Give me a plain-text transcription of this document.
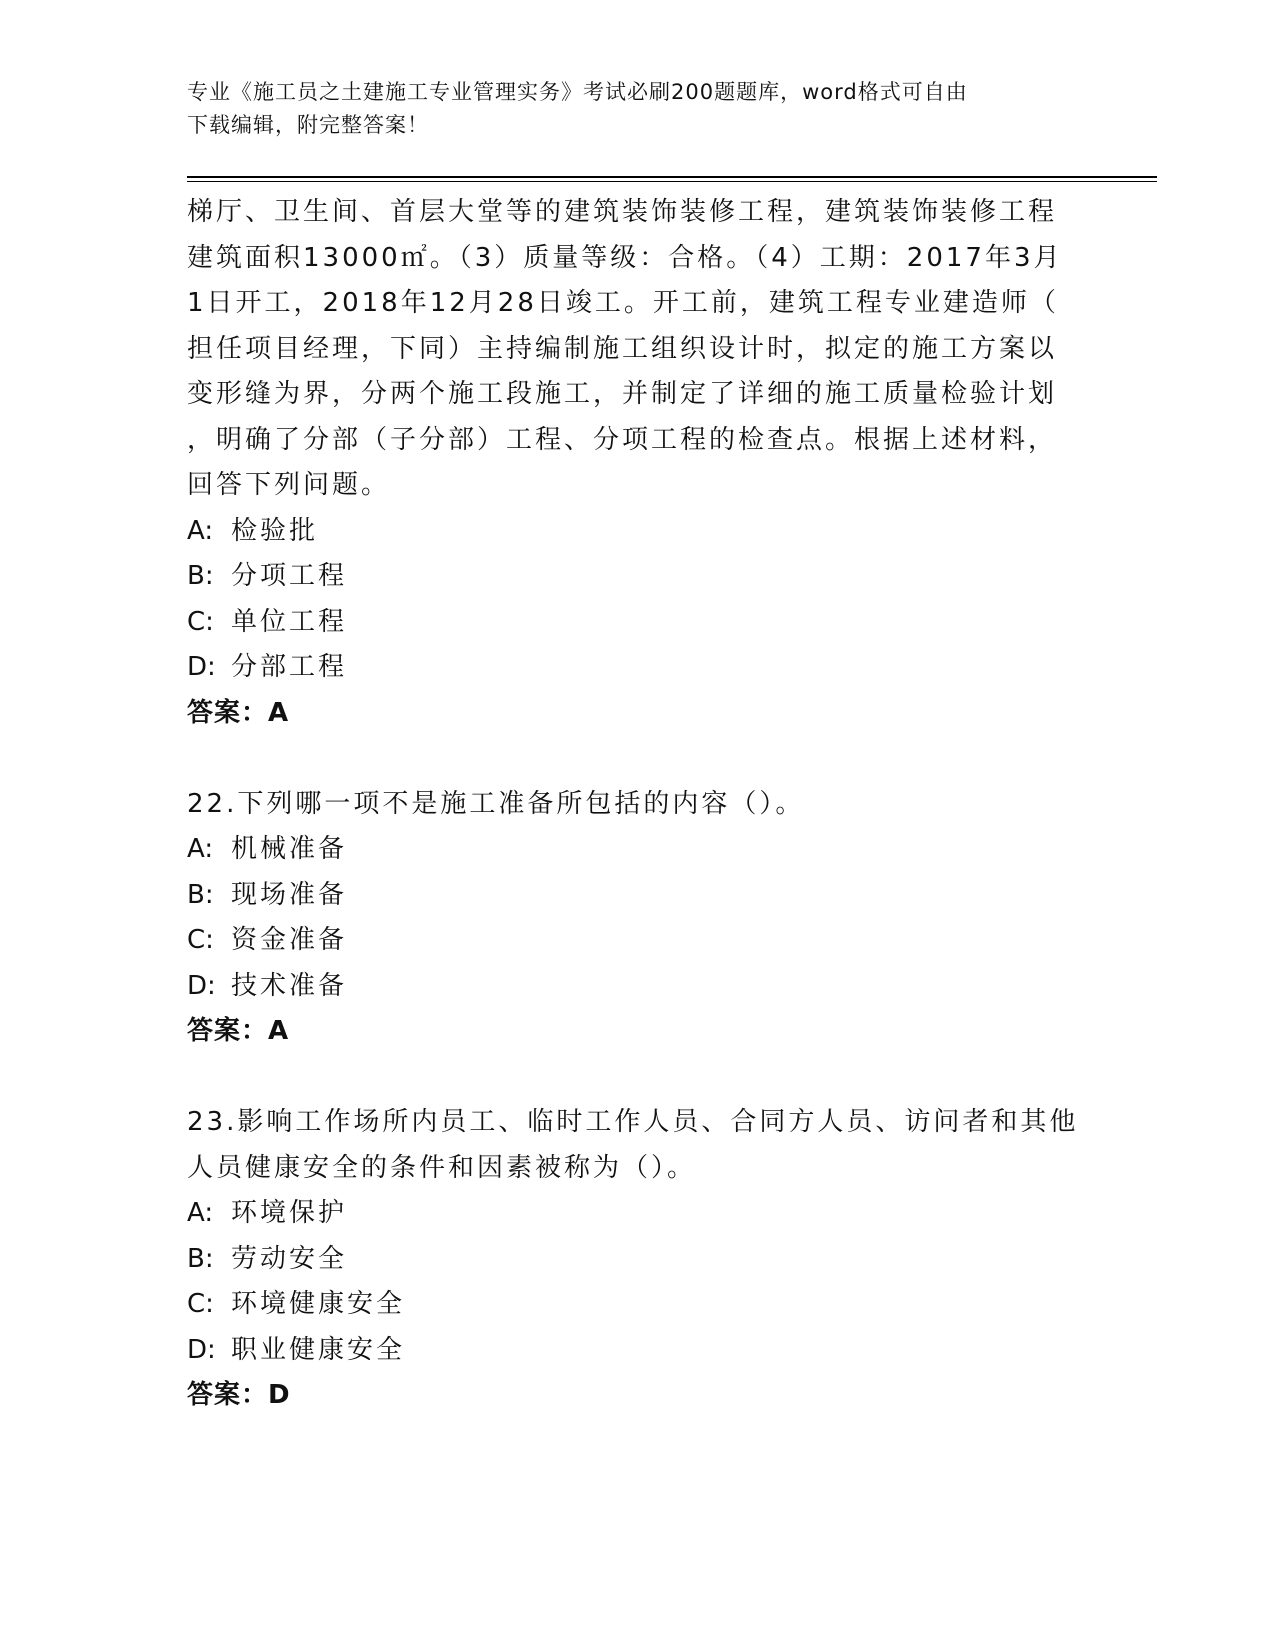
专业《施工员之土建施工专业管理实务》考试必刷200题题库，word格式可自由
下载编辑，附完整答案！
梯厅、卫生间、首层大堂等的建筑装饰装修工程，建筑装饰装修工程
建筑面积13000㎡。（3）质量等级：合格。（4）工期：2017年3月
1日开工，2018年12月28日竣工。开工前，建筑工程专业建造师（
担任项目经理，下同）主持编制施工组织设计时，拟定的施工方案以
变形缝为界，分两个施工段施工，并制定了详细的施工质量检验计划
，明确了分部（子分部）工程、分项工程的检查点。根据上述材料，
回答下列问题。
A: 检验批
B: 分项工程
C: 单位工程
D: 分部工程
答案：A
22.下列哪一项不是施工准备所包括的内容（）。
A: 机械准备
B: 现场准备
C: 资金准备
D: 技术准备
答案：A
23.影响工作场所内员工、临时工作人员、合同方人员、访问者和其他
人员健康安全的条件和因素被称为（）。
A: 环境保护
B: 劳动安全
C: 环境健康安全
D: 职业健康安全
答案：D
